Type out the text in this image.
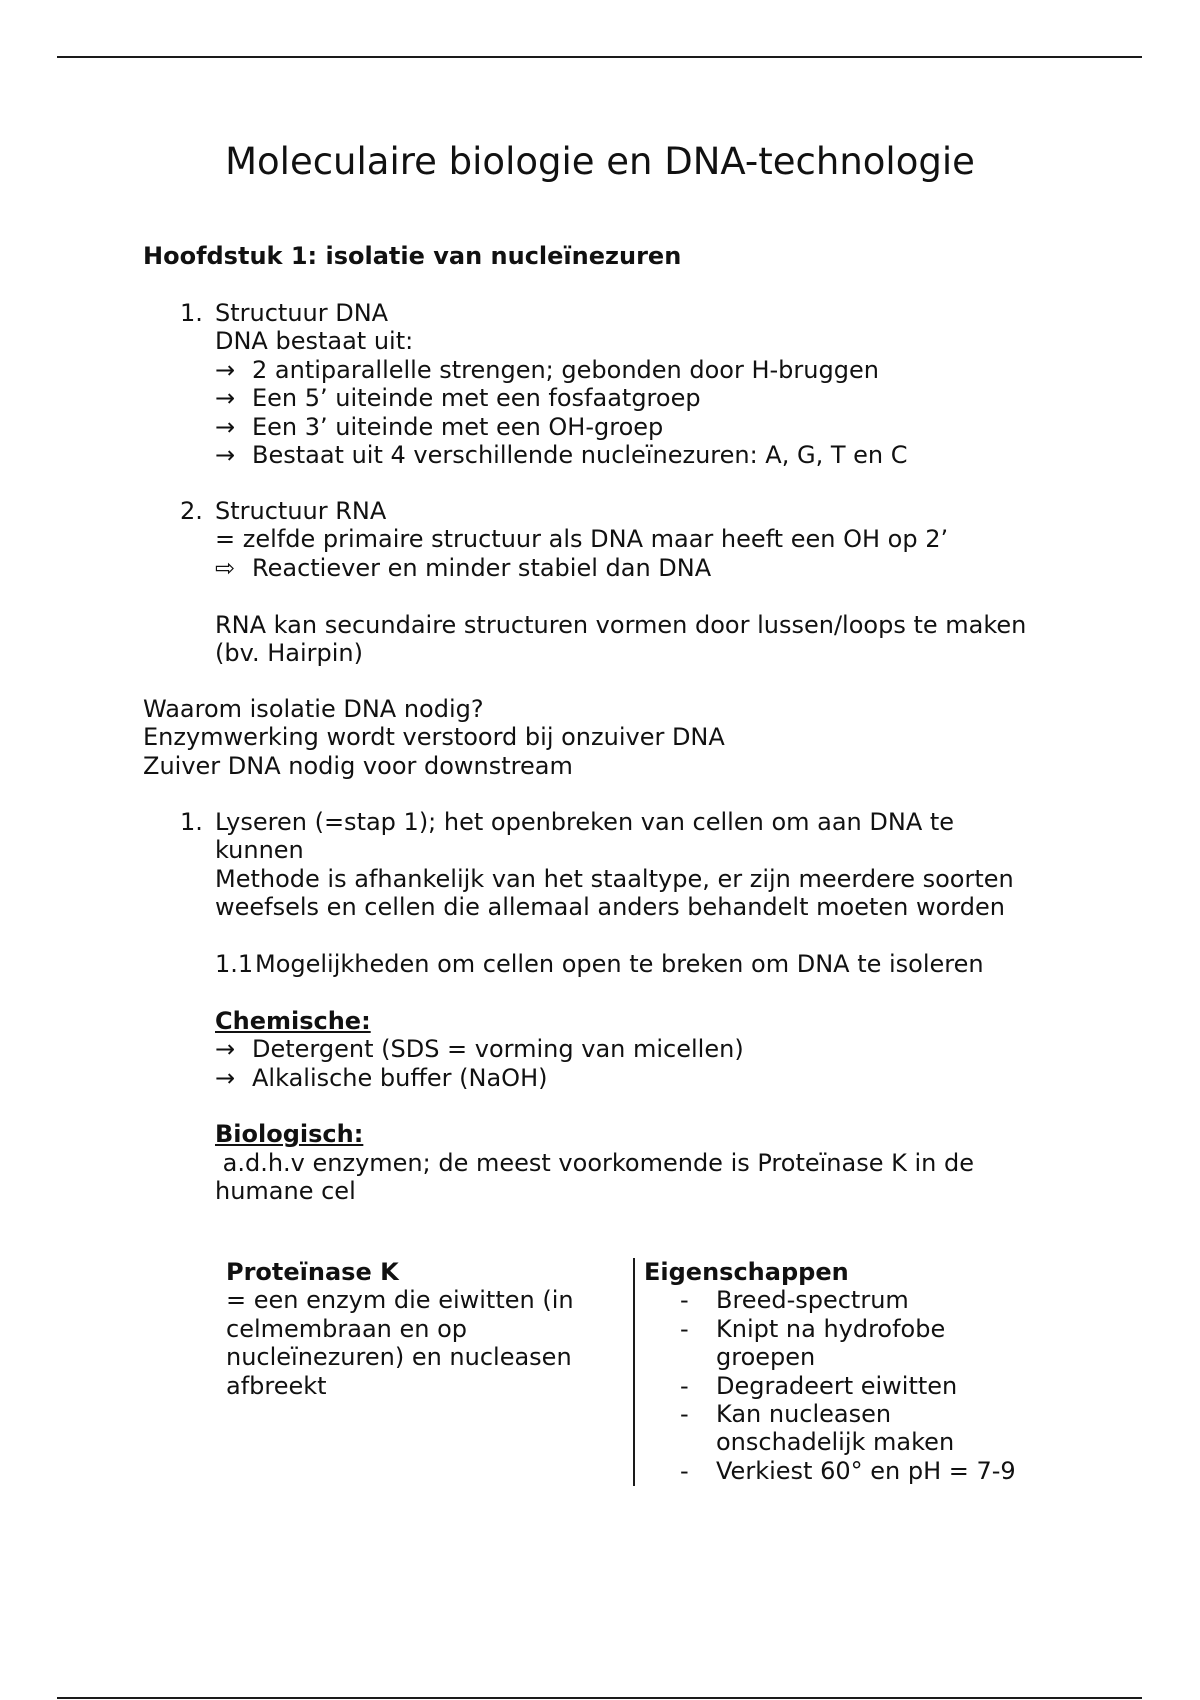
Moleculaire biologie en DNA-technologie
Hoofdstuk 1: isolatie van nucleïnezuren
1. Structuur DNA
DNA bestaat uit:
→ 2 antiparallelle strengen; gebonden door H-bruggen
→ Een 5’ uiteinde met een fosfaatgroep
→ Een 3’ uiteinde met een OH-groep
→ Bestaat uit 4 verschillende nucleïnezuren: A, G, T en C
2. Structuur RNA
= zelfde primaire structuur als DNA maar heeft een OH op 2’
⇨ Reactiever en minder stabiel dan DNA
RNA kan secundaire structuren vormen door lussen/loops te maken
(bv. Hairpin)
Waarom isolatie DNA nodig?
Enzymwerking wordt verstoord bij onzuiver DNA
Zuiver DNA nodig voor downstream
1. Lyseren (=stap 1); het openbreken van cellen om aan DNA te
kunnen
Methode is afhankelijk van het staaltype, er zijn meerdere soorten
weefsels en cellen die allemaal anders behandelt moeten worden
1.1Mogelijkheden om cellen open te breken om DNA te isoleren
Chemische:
→ Detergent (SDS = vorming van micellen)
→ Alkalische buffer (NaOH)
Biologisch:
a.d.h.v enzymen; de meest voorkomende is Proteïnase K in de
humane cel
Proteïnase K
= een enzym die eiwitten (in
celmembraan en op
nucleïnezuren) en nucleasen
afbreekt
Eigenschappen
- Breed-spectrum
- Knipt na hydrofobe
groepen
- Degradeert eiwitten
- Kan nucleasen
onschadelijk maken
- Verkiest 60° en pH = 7-9
